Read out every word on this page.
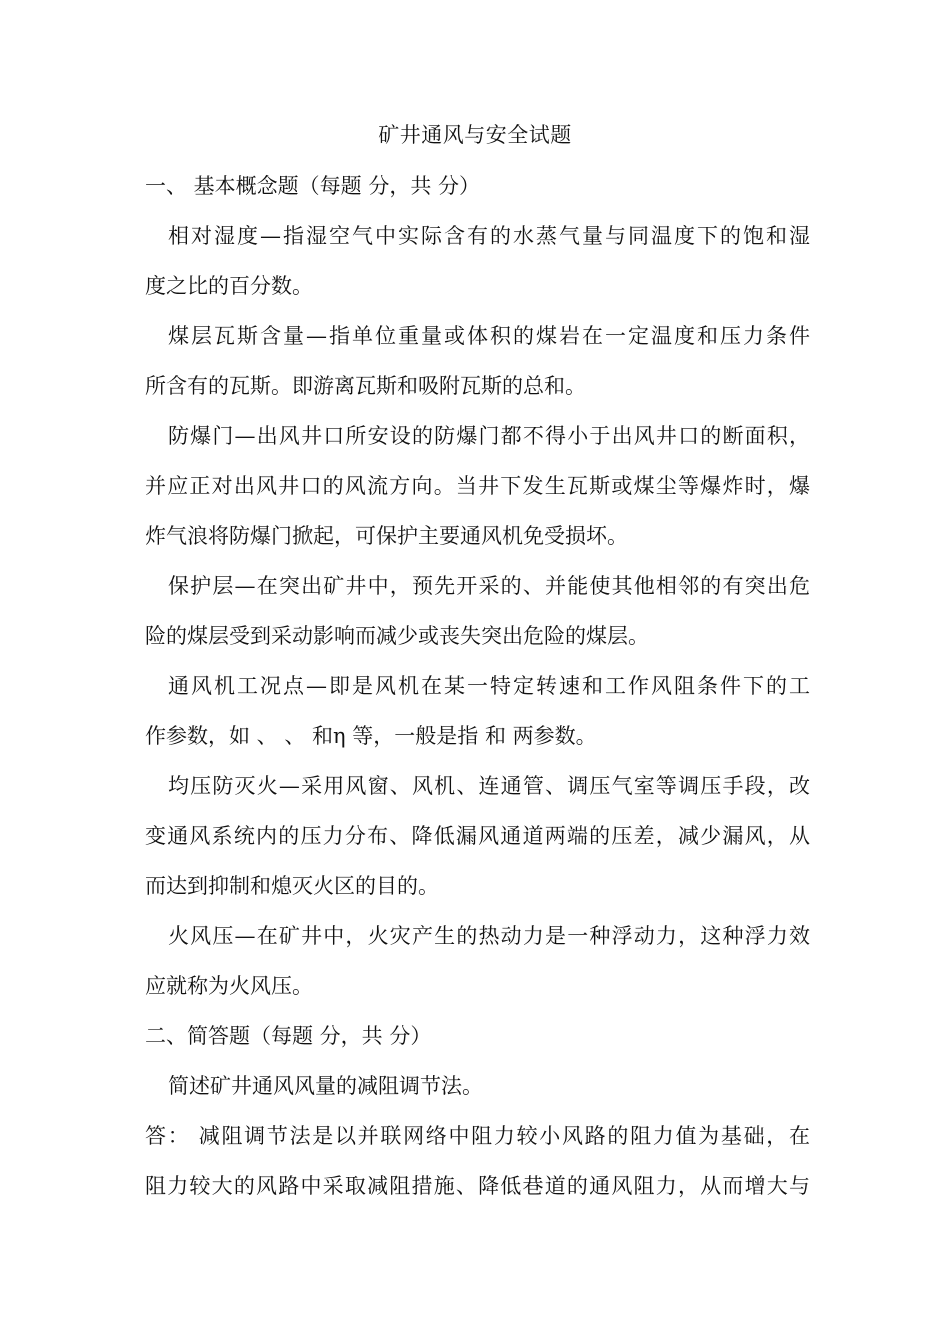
矿井通风与安全试题
一、 基本概念题（每题 分，共 分）
相对湿度—指湿空气中实际含有的水蒸气量与同温度下的饱和湿
度之比的百分数。
煤层瓦斯含量—指单位重量或体积的煤岩在一定温度和压力条件
所含有的瓦斯。即游离瓦斯和吸附瓦斯的总和。
防爆门—出风井口所安设的防爆门都不得小于出风井口的断面积，
并应正对出风井口的风流方向。当井下发生瓦斯或煤尘等爆炸时，爆
炸气浪将防爆门掀起，可保护主要通风机免受损坏。
保护层—在突出矿井中，预先开采的、并能使其他相邻的有突出危
险的煤层受到采动影响而减少或丧失突出危险的煤层。
通风机工况点—即是风机在某一特定转速和工作风阻条件下的工
作参数，如 、 、 和η 等，一般是指 和 两参数。
均压防灭火—采用风窗、风机、连通管、调压气室等调压手段，改
变通风系统内的压力分布、降低漏风通道两端的压差，减少漏风，从
而达到抑制和熄灭火区的目的。
火风压—在矿井中，火灾产生的热动力是一种浮动力，这种浮力效
应就称为火风压。
二、简答题（每题 分，共 分）
简述矿井通风风量的减阻调节法。
答： 减阻调节法是以并联网络中阻力较小风路的阻力值为基础，在
阻力较大的风路中采取减阻措施、降低巷道的通风阻力，从而增大与
